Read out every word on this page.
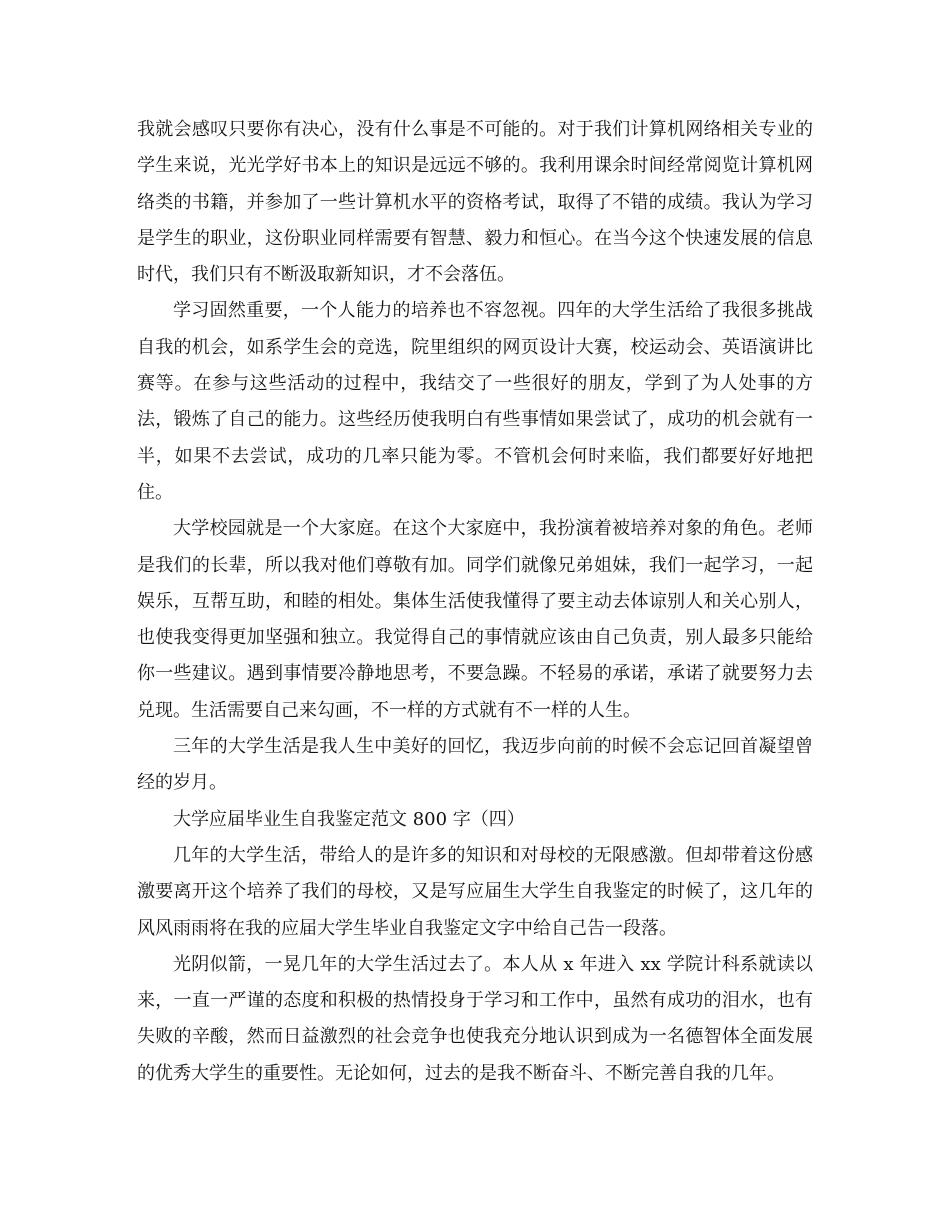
我就会感叹只要你有决心，没有什么事是不可能的。对于我们计算机网络相关专业的学生来说，光光学好书本上的知识是远远不够的。我利用课余时间经常阅览计算机网络类的书籍，并参加了一些计算机水平的资格考试，取得了不错的成绩。我认为学习是学生的职业，这份职业同样需要有智慧、毅力和恒心。在当今这个快速发展的信息时代，我们只有不断汲取新知识，才不会落伍。

学习固然重要，一个人能力的培养也不容忽视。四年的大学生活给了我很多挑战自我的机会，如系学生会的竞选，院里组织的网页设计大赛，校运动会、英语演讲比赛等。在参与这些活动的过程中，我结交了一些很好的朋友，学到了为人处事的方法，锻炼了自己的能力。这些经历使我明白有些事情如果尝试了，成功的机会就有一半，如果不去尝试，成功的几率只能为零。不管机会何时来临，我们都要好好地把住。

大学校园就是一个大家庭。在这个大家庭中，我扮演着被培养对象的角色。老师是我们的长辈，所以我对他们尊敬有加。同学们就像兄弟姐妹，我们一起学习，一起娱乐，互帮互助，和睦的相处。集体生活使我懂得了要主动去体谅别人和关心别人，也使我变得更加坚强和独立。我觉得自己的事情就应该由自己负责，别人最多只能给你一些建议。遇到事情要冷静地思考，不要急躁。不轻易的承诺，承诺了就要努力去兑现。生活需要自己来勾画，不一样的方式就有不一样的人生。

三年的大学生活是我人生中美好的回忆，我迈步向前的时候不会忘记回首凝望曾经的岁月。

大学应届毕业生自我鉴定范文 800 字（四）

几年的大学生活，带给人的是许多的知识和对母校的无限感激。但却带着这份感激要离开这个培养了我们的母校，又是写应届生大学生自我鉴定的时候了，这几年的风风雨雨将在我的应届大学生毕业自我鉴定文字中给自己告一段落。

光阴似箭，一晃几年的大学生活过去了。本人从 x 年进入 xx 学院计科系就读以来，一直一严谨的态度和积极的热情投身于学习和工作中，虽然有成功的泪水，也有失败的辛酸，然而日益激烈的社会竞争也使我充分地认识到成为一名德智体全面发展的优秀大学生的重要性。无论如何，过去的是我不断奋斗、不断完善自我的几年。
